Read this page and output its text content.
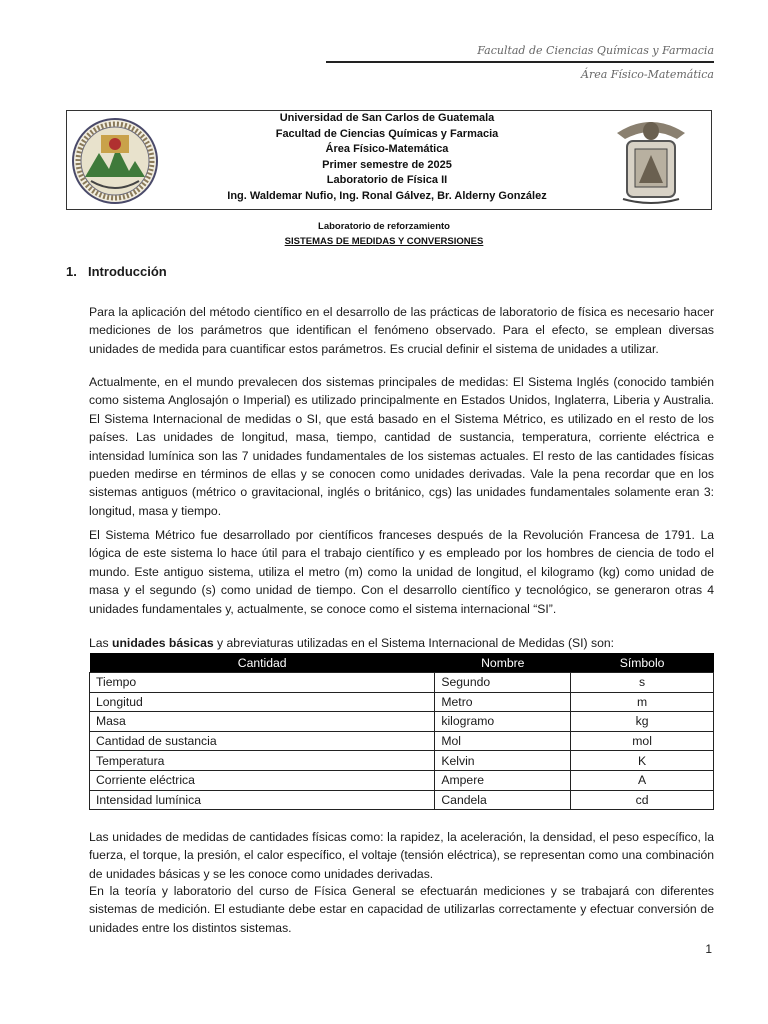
Facultad de Ciencias Químicas y Farmacia
Área Físico-Matemática
Universidad de San Carlos de Guatemala
Facultad de Ciencias Químicas y Farmacia
Área Físico-Matemática
Primer semestre de 2025
Laboratorio de Física II
Ing. Waldemar Nufio, Ing. Ronal Gálvez, Br. Alderny González
Laboratorio de reforzamiento
SISTEMAS DE MEDIDAS Y CONVERSIONES
1. Introducción

Para la aplicación del método científico en el desarrollo de las prácticas de laboratorio de física es necesario hacer mediciones de los parámetros que identifican el fenómeno observado. Para el efecto, se emplean diversas unidades de medida para cuantificar estos parámetros. Es crucial definir el sistema de unidades a utilizar.

Actualmente, en el mundo prevalecen dos sistemas principales de medidas: El Sistema Inglés (conocido también como sistema Anglosajón o Imperial) es utilizado principalmente en Estados Unidos, Inglaterra, Liberia y Australia. El Sistema Internacional de medidas o SI, que está basado en el Sistema Métrico, es utilizado en el resto de los países. Las unidades de longitud, masa, tiempo, cantidad de sustancia, temperatura, corriente eléctrica e intensidad lumínica son las 7 unidades fundamentales de los sistemas actuales. El resto de las cantidades físicas pueden medirse en términos de ellas y se conocen como unidades derivadas. Vale la pena recordar que en los sistemas antiguos (métrico o gravitacional, inglés o británico, cgs) las unidades fundamentales solamente eran 3: longitud, masa y tiempo.

El Sistema Métrico fue desarrollado por científicos franceses después de la Revolución Francesa de 1791. La lógica de este sistema lo hace útil para el trabajo científico y es empleado por los hombres de ciencia de todo el mundo. Este antiguo sistema, utiliza el metro (m) como la unidad de longitud, el kilogramo (kg) como unidad de masa y el segundo (s) como unidad de tiempo. Con el desarrollo científico y tecnológico, se generaron otras 4 unidades fundamentales y, actualmente, se conoce como el sistema internacional “SI”.

Las unidades básicas y abreviaturas utilizadas en el Sistema Internacional de Medidas (SI) son:
Cantidad	Nombre	Símbolo
Tiempo	Segundo	s
Longitud	Metro	m
Masa	kilogramo	kg
Cantidad de sustancia	Mol	mol
Temperatura	Kelvin	K
Corriente eléctrica	Ampere	A
Intensidad lumínica	Candela	cd

Las unidades de medidas de cantidades físicas como: la rapidez, la aceleración, la densidad, el peso específico, la fuerza, el torque, la presión, el calor específico, el voltaje (tensión eléctrica), se representan como una combinación de unidades básicas y se les conoce como unidades derivadas.

En la teoría y laboratorio del curso de Física General se efectuarán mediciones y se trabajará con diferentes sistemas de medición. El estudiante debe estar en capacidad de utilizarlas correctamente y efectuar conversión de unidades entre los distintos sistemas.

1
